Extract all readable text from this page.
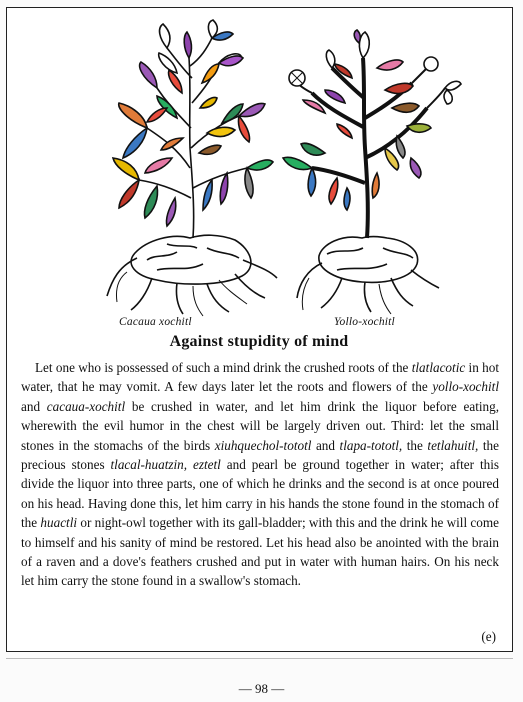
Cacaua xochitl	Yollo-xochitl
Against stupidity of mind

Let one who is possessed of such a mind drink the crushed roots of the tlatlacotic in hot water, that he may vomit. A few days later let the roots and flowers of the yollo-xochitl and cacaua-xochitl be crushed in water, and let him drink the liquor before eating, wherewith the evil humor in the chest will be largely driven out. Third: let the small stones in the stomachs of the birds xiuhquechol-tototl and tlapa-tototl, the tetlahuitl, the precious stones tlacal-huatzin, eztetl and pearl be ground together in water; after this divide the liquor into three parts, one of which he drinks and the second is at once poured on his head. Having done this, let him carry in his hands the stone found in the stomach of the huactli or night-owl together with its gall-bladder; with this and the drink he will come to himself and his sanity of mind be restored. Let his head also be anointed with the brain of a raven and a dove's feathers crushed and put in water with human hairs. On his neck let him carry the stone found in a swallow's stomach.

(e)
— 98 —
